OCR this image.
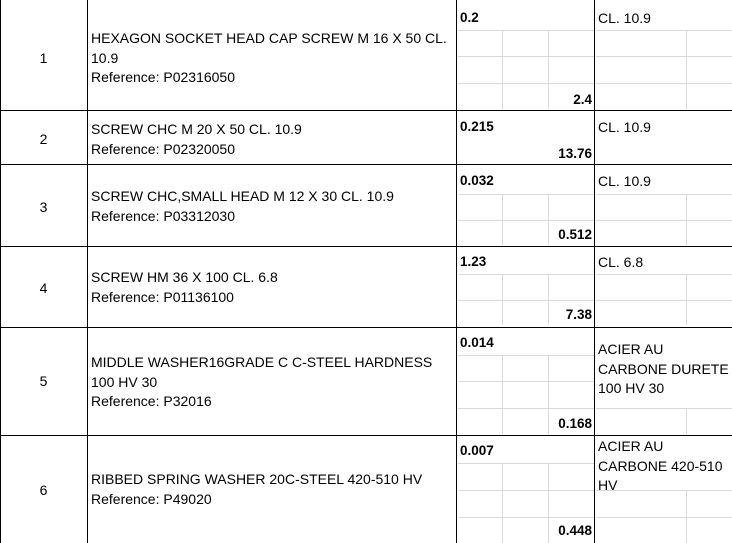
1
HEXAGON SOCKET HEAD CAP SCREW M 16 X 50 CL. 10.9
Reference: P02316050
0.2
2.4
CL. 10.9
2
SCREW CHC M 20 X 50 CL. 10.9
Reference: P02320050
0.215
13.76
CL. 10.9
3
SCREW CHC,SMALL HEAD M 12 X 30 CL. 10.9
Reference: P03312030
0.032
0.512
CL. 10.9
4
SCREW HM 36 X 100 CL. 6.8
Reference: P01136100
1.23
7.38
CL. 6.8
5
MIDDLE WASHER16GRADE C C-STEEL HARDNESS 100 HV 30
Reference: P32016
0.014
0.168
ACIER AU CARBONE DURETE 100 HV 30
6
RIBBED SPRING WASHER 20C-STEEL 420-510 HV
Reference: P49020
0.007
0.448
ACIER AU CARBONE 420-510 HV
